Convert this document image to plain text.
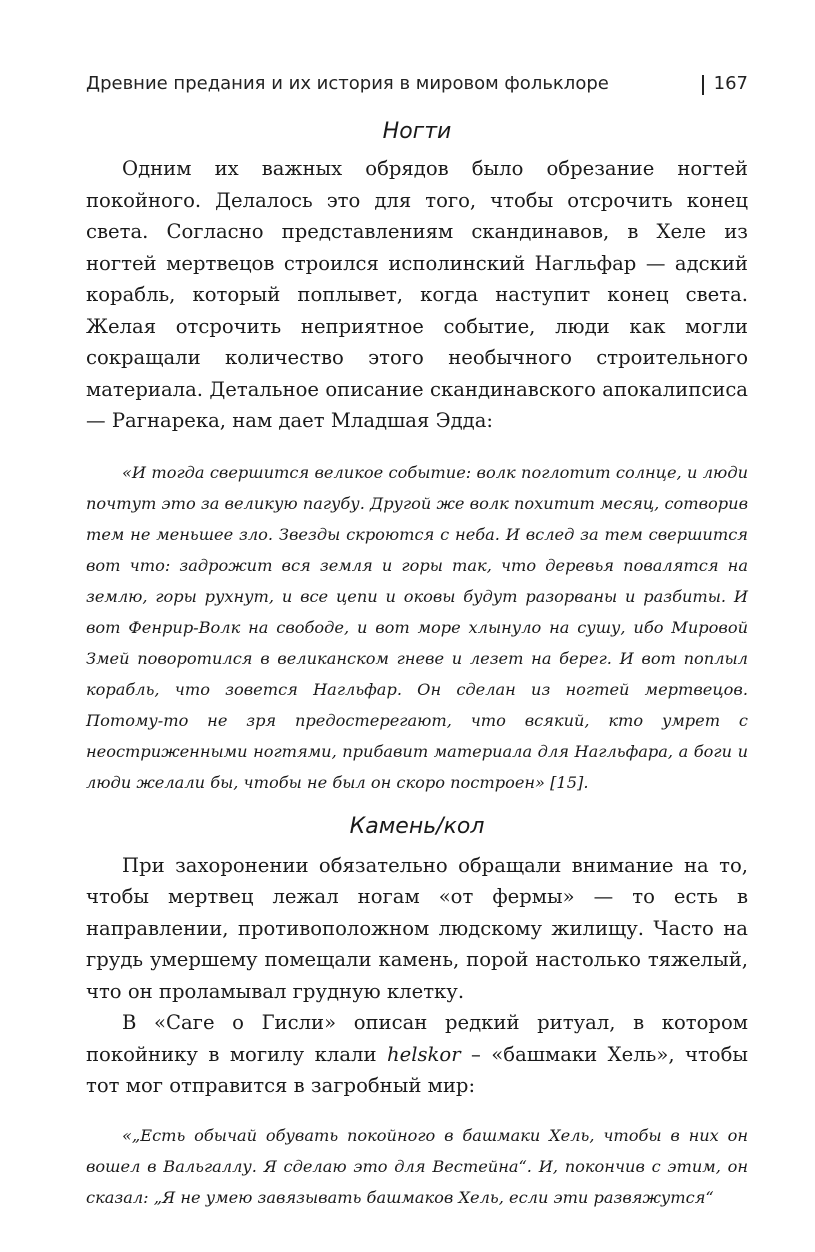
Древние предания и их история в мировом фольклоре	167
Ногти

Одним их важных обрядов было обрезание ногтей покойного. Делалось это для того, чтобы отсрочить конец света. Согласно представлениям скандинавов, в Хеле из ногтей мертвецов строился исполинский Нагльфар — адский корабль, который поплывет, когда наступит конец света. Желая отсрочить неприятное событие, люди как могли сокращали количество этого необычного строительного материала. Детальное описание скандинавского апокалипсиса — Рагнарека, нам дает Младшая Эдда:

«И тогда свершится великое событие: волк поглотит солнце, и люди почтут это за великую пагубу. Другой же волк похитит месяц, сотворив тем не меньшее зло. Звезды скроются с неба. И вслед за тем свершится вот что: задрожит вся земля и горы так, что деревья повалятся на землю, горы рухнут, и все цепи и оковы будут разорваны и разбиты. И вот Фенрир-Волк на свободе, и вот море хлынуло на сушу, ибо Мировой Змей поворотился в великанском гневе и лезет на берег. И вот поплыл корабль, что зовется Нагльфар. Он сделан из ногтей мертвецов. Потому-то не зря предостерегают, что всякий, кто умрет с неостриженными ногтями, прибавит материала для Нагльфара, а боги и люди желали бы, чтобы не был он скоро построен» [15].

Камень/кол

При захоронении обязательно обращали внимание на то, чтобы мертвец лежал ногам «от фермы» — то есть в направлении, противоположном людскому жилищу. Часто на грудь умершему помещали камень, порой настолько тяжелый, что он проламывал грудную клетку.

В «Саге о Гисли» описан редкий ритуал, в котором покойнику в могилу клали helskor – «башмаки Хель», чтобы тот мог отправится в загробный мир:

«„Есть обычай обувать покойного в башмаки Хель, чтобы в них он вошел в Вальгаллу. Я сделаю это для Вестейна“. И, покончив с этим, он сказал: „Я не умею завязывать башмаков Хель, если эти развяжутся“
